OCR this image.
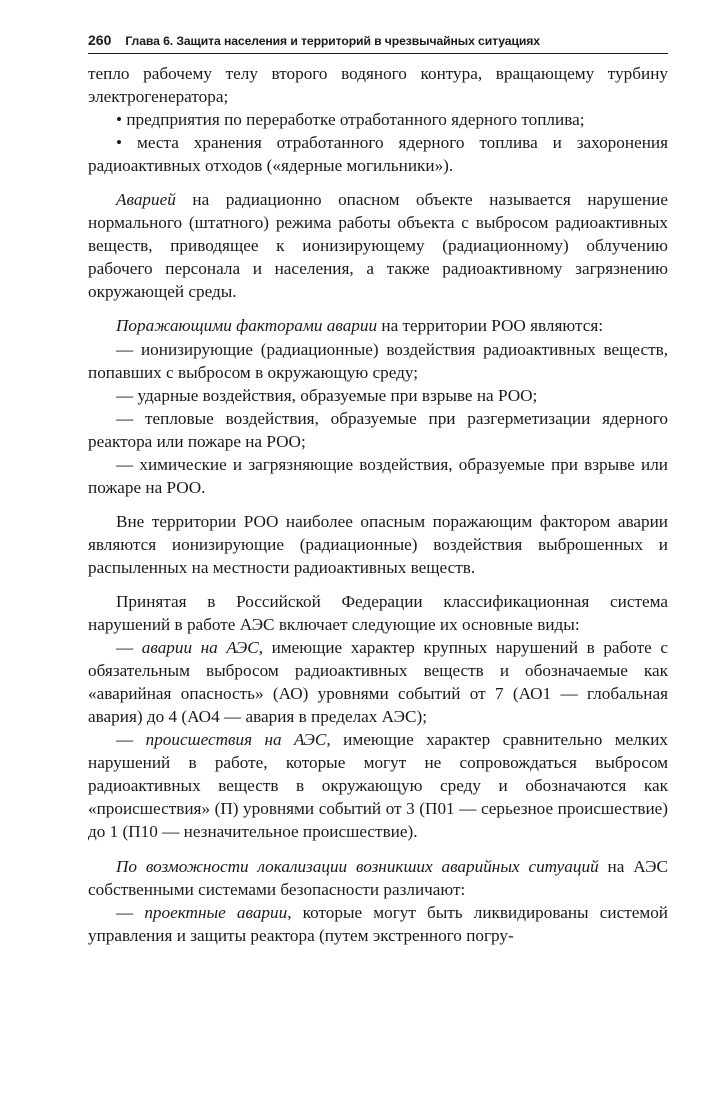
260 Глава 6. Защита населения и территорий в чрезвычайных ситуациях

тепло рабочему телу второго водяного контура, вращающему турбину электрогенератора;

• предприятия по переработке отработанного ядерного топлива;

• места хранения отработанного ядерного топлива и захоронения радиоактивных отходов («ядерные могильники»).

Аварией на радиационно опасном объекте называется нарушение нормального (штатного) режима работы объекта с выбросом радиоактивных веществ, приводящее к ионизирующему (радиационному) облучению рабочего персонала и населения, а также радиоактивному загрязнению окружающей среды.

Поражающими факторами аварии на территории РОО являются:

— ионизирующие (радиационные) воздействия радиоактивных веществ, попавших с выбросом в окружающую среду;

— ударные воздействия, образуемые при взрыве на РОО;

— тепловые воздействия, образуемые при разгерметизации ядерного реактора или пожаре на РОО;

— химические и загрязняющие воздействия, образуемые при взрыве или пожаре на РОО.

Вне территории РОО наиболее опасным поражающим фактором аварии являются ионизирующие (радиационные) воздействия выброшенных и распыленных на местности радиоактивных веществ.

Принятая в Российской Федерации классификационная система нарушений в работе АЭС включает следующие их основные виды:

— аварии на АЭС, имеющие характер крупных нарушений в работе с обязательным выбросом радиоактивных веществ и обозначаемые как «аварийная опасность» (АО) уровнями событий от 7 (АО1 — глобальная авария) до 4 (АО4 — авария в пределах АЭС);

— происшествия на АЭС, имеющие характер сравнительно мелких нарушений в работе, которые могут не сопровождаться выбросом радиоактивных веществ в окружающую среду и обозначаются как «происшествия» (П) уровнями событий от 3 (П01 — серьезное происшествие) до 1 (П10 — незначительное происшествие).

По возможности локализации возникших аварийных ситуаций на АЭС собственными системами безопасности различают:

— проектные аварии, которые могут быть ликвидированы системой управления и защиты реактора (путем экстренного погру-
